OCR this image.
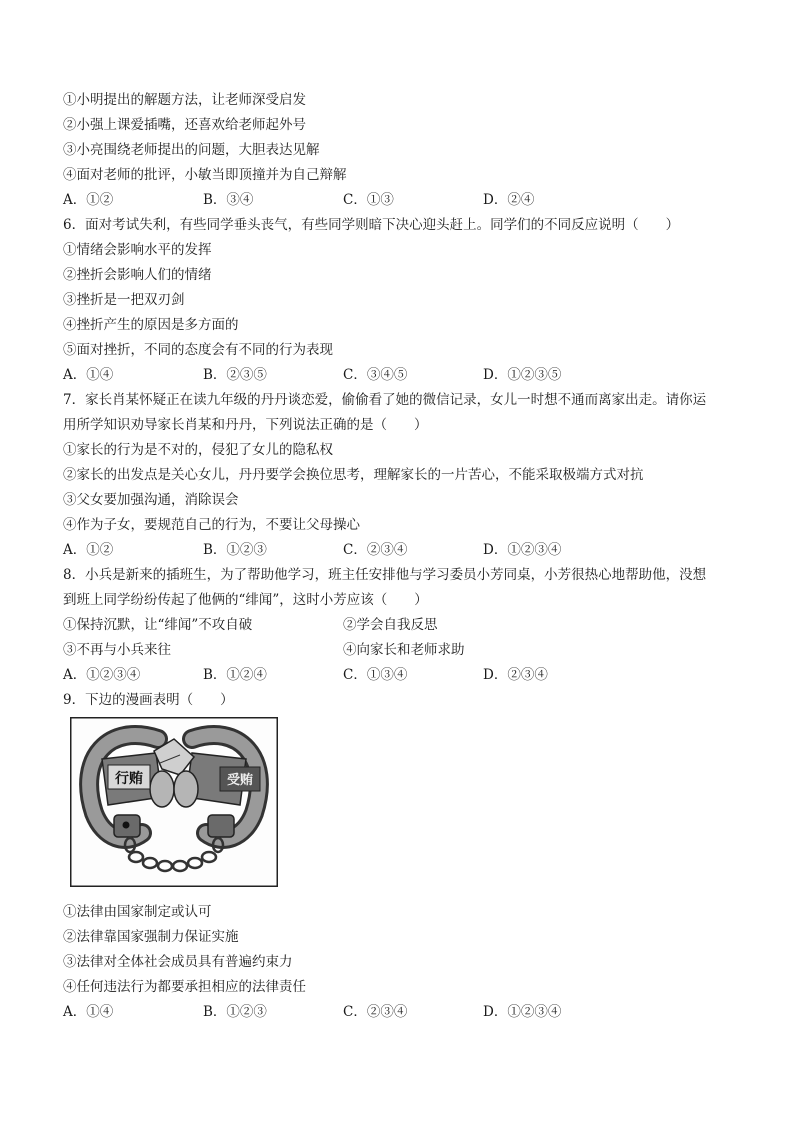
①小明提出的解题方法，让老师深受启发
②小强上课爱插嘴，还喜欢给老师起外号
③小亮围绕老师提出的问题，大胆表达见解
④面对老师的批评，小敏当即顶撞并为自己辩解
A．①②	B．③④	C．①③	D．②④
6．面对考试失利，有些同学垂头丧气，有些同学则暗下决心迎头赶上。同学们的不同反应说明（　　）
①情绪会影响水平的发挥
②挫折会影响人们的情绪
③挫折是一把双刃剑
④挫折产生的原因是多方面的
⑤面对挫折，不同的态度会有不同的行为表现
A．①④	B．②③⑤	C．③④⑤	D．①②③⑤
7．家长肖某怀疑正在读九年级的丹丹谈恋爱，偷偷看了她的微信记录，女儿一时想不通而离家出走。请你运
用所学知识劝导家长肖某和丹丹，下列说法正确的是（　　）
①家长的行为是不对的，侵犯了女儿的隐私权
②家长的出发点是关心女儿，丹丹要学会换位思考，理解家长的一片苦心，不能采取极端方式对抗
③父女要加强沟通，消除误会
④作为子女，要规范自己的行为，不要让父母操心
A．①②	B．①②③	C．②③④	D．①②③④
8．小兵是新来的插班生，为了帮助他学习，班主任安排他与学习委员小芳同桌，小芳很热心地帮助他，没想
到班上同学纷纷传起了他俩的“绯闻”，这时小芳应该（　　）
①保持沉默，让“绯闻”不攻自破	②学会自我反思
③不再与小兵来往	④向家长和老师求助
A．①②③④	B．①②④	C．①③④	D．②③④
9．下边的漫画表明（　　）
行贿	受贿
①法律由国家制定或认可
②法律靠国家强制力保证实施
③法律对全体社会成员具有普遍约束力
④任何违法行为都要承担相应的法律责任
A．①④	B．①②③	C．②③④	D．①②③④
